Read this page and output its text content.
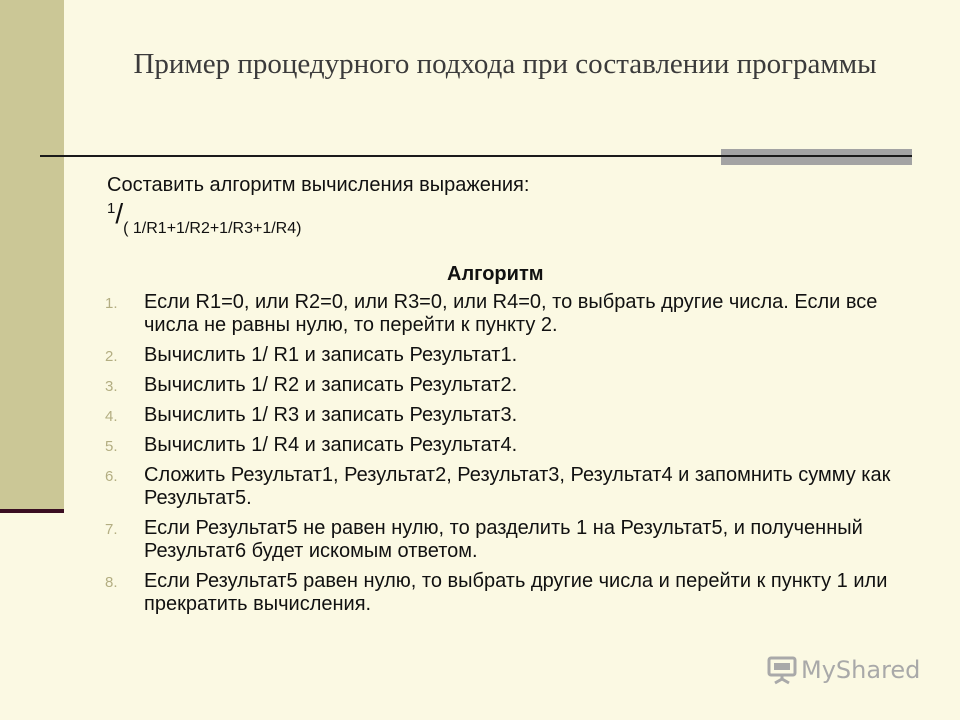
Пример процедурного подхода при составлении программы
Составить алгоритм вычисления выражения:
1/( 1/R1+1/R2+1/R3+1/R4)
Алгоритм
1. Если R1=0, или R2=0, или R3=0, или R4=0, то выбрать другие числа. Если все числа не равны нулю, то перейти к пункту 2.
2. Вычислить 1/ R1 и записать Результат1.
3. Вычислить 1/ R2 и записать Результат2.
4. Вычислить 1/ R3 и записать Результат3.
5. Вычислить 1/ R4 и записать Результат4.
6. Сложить Результат1, Результат2, Результат3, Результат4 и запомнить сумму как Результат5.
7. Если Результат5 не равен нулю, то разделить 1 на Результат5, и полученный Результат6 будет искомым ответом.
8. Если Результат5 равен нулю, то выбрать другие числа и перейти к пункту 1 или прекратить вычисления.
MyShared
